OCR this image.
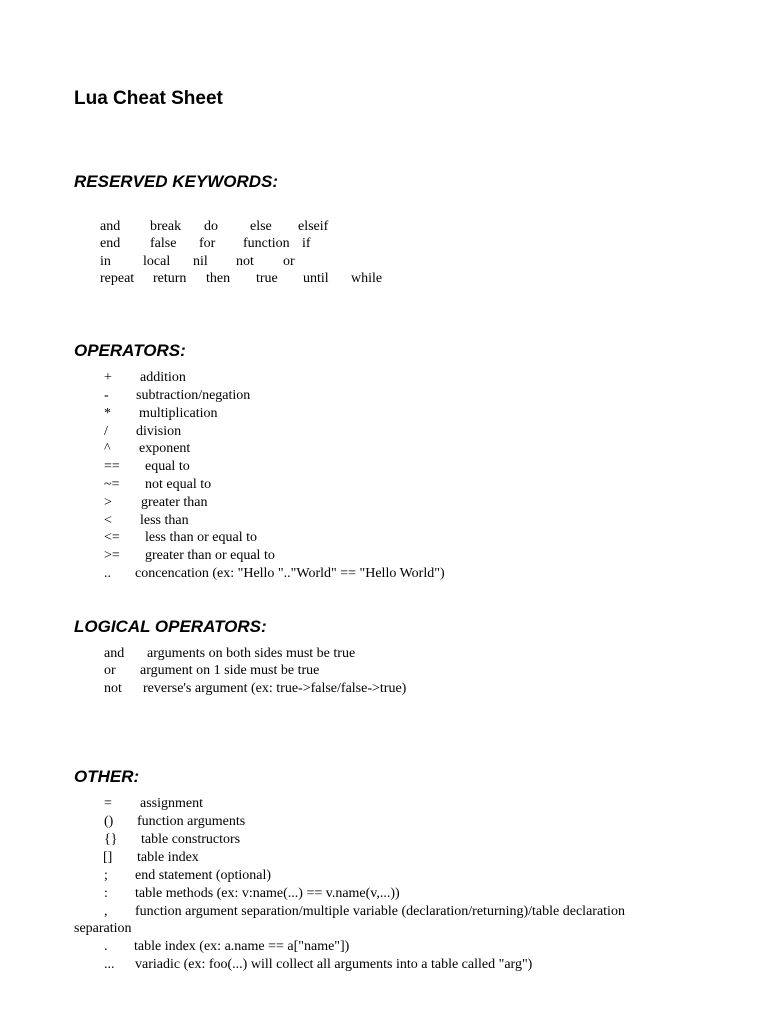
Lua Cheat Sheet
RESERVED KEYWORDS:
and break do else elseif
end false for function if
in local nil not or
repeat return then true until while
OPERATORS:
+ addition
- subtraction/negation
* multiplication
/ division
^ exponent
== equal to
~= not equal to
> greater than
< less than
<= less than or equal to
>= greater than or equal to
.. concencation (ex: "Hello ".."World" == "Hello World")
LOGICAL OPERATORS:
and arguments on both sides must be true
or argument on 1 side must be true
not reverse's argument (ex: true->false/false->true)
OTHER:
= assignment
() function arguments
{} table constructors
[] table index
; end statement (optional)
: table methods (ex: v:name(...) == v.name(v,...))
, function argument separation/multiple variable (declaration/returning)/table declaration
separation
. table index (ex: a.name == a["name"])
... variadic (ex: foo(...) will collect all arguments into a table called "arg")
